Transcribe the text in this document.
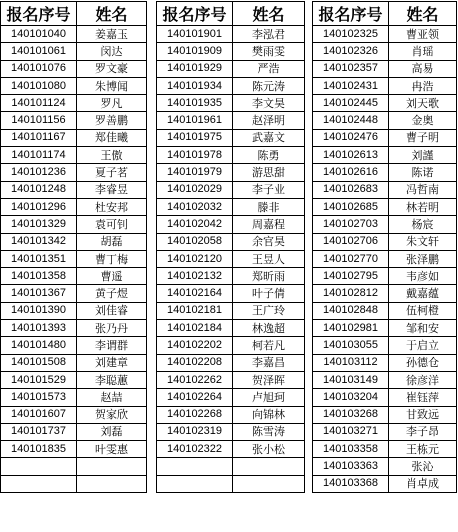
报名序号	姓名
140101040	姜嘉玉
140101061	闵达
140101076	罗文豪
140101080	朱博闻
140101124	罗凡
140101156	罗善鹏
140101167	郑佳曦
140101174	王傲
140101236	夏子茗
140101248	李睿昱
140101296	杜安邦
140101329	袁可钊
140101342	胡磊
140101351	曹丁梅
140101358	曹遥
140101367	黄子煜
140101390	刘佳睿
140101393	张乃丹
140101480	李谓群
140101508	刘建章
140101529	李聪蕙
140101573	赵喆
140101607	贺家欣
140101737	刘磊
140101835	叶雯惠

报名序号	姓名
140101901	李泓君
140101909	樊雨雯
140101929	严浩
140101934	陈元涛
140101935	李文昊
140101961	赵泽明
140101975	武嘉文
140101978	陈勇
140101979	游思甜
140102029	李子业
140102032	滕非
140102042	周嘉程
140102058	余官昊
140102120	王昱人
140102132	郑昕雨
140102164	叶子倩
140102181	王广玲
140102184	林逸超
140102202	柯若凡
140102208	李嘉昌
140102262	贺泽晖
140102264	卢旭珂
140102268	向锦林
140102319	陈雪涛
140102322	张小松

报名序号	姓名
140102325	曹亚领
140102326	肖瑶
140102357	高易
140102431	冉浩
140102445	刘天歌
140102448	金奥
140102476	曹子明
140102613	刘謹
140102616	陈诺
140102683	冯哲南
140102685	林若明
140102703	杨宸
140102706	朱文轩
140102770	张泽鹏
140102795	韦彦如
140102812	戴嘉蕴
140102848	伍柯橙
140102981	邹和安
140103055	于启立
140103112	孙德仓
140103149	徐彦洋
140103204	崔钰萍
140103268	甘致远
140103271	李子昂
140103358	王栋元
140103363	张沁
140103368	肖卓成
